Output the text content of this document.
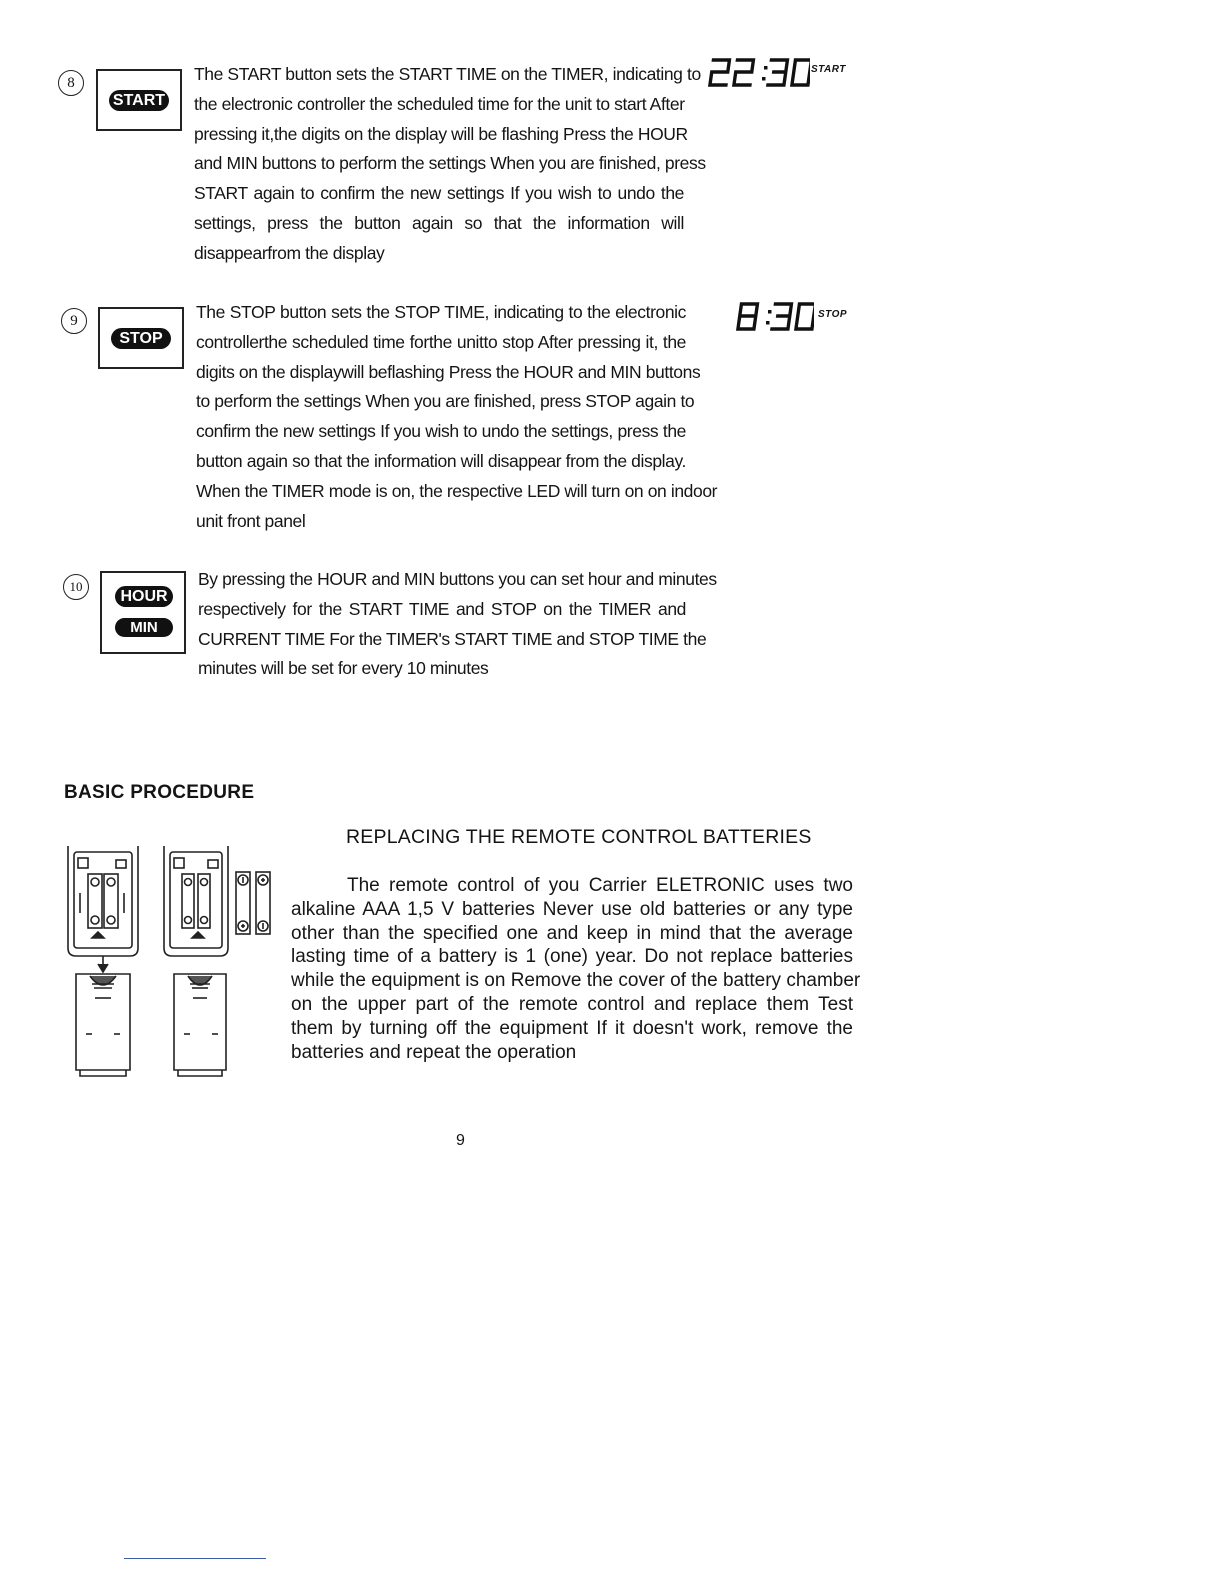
8
START
The START button sets the START TIME on the TIMER, indicating to
the electronic controller the scheduled time for the unit to start After
pressing it,the digits on the display will be flashing Press the HOUR
and MIN buttons to perform the settings When you are finished, press
START again to confirm the new settings If you wish to undo the
settings, press the button again so that the information will
disappearfrom the display
START
9
STOP
The STOP button sets the STOP TIME, indicating to the electronic
controllerthe scheduled time forthe unitto stop After pressing it, the
digits on the displaywill beflashing Press the HOUR and MIN buttons
to perform the settings When you are finished, press STOP again to
confirm the new settings If you wish to undo the settings, press the
button again so that the information will disappear from the display.
When the TIMER mode is on, the respective LED will turn on on indoor
unit front panel
STOP
10
HOUR
MIN
By pressing the HOUR and MIN buttons you can set hour and minutes
respectively for the START TIME and STOP on the TIMER and
CURRENT TIME For the TIMER's START TIME and STOP TIME the
minutes will be set for every 10 minutes
BASIC PROCEDURE
REPLACING THE REMOTE CONTROL BATTERIES
The remote control of you Carrier ELETRONIC uses two
alkaline AAA 1,5 V batteries Never use old batteries or any type
other than the specified one and keep in mind that the average
lasting time of a battery is 1 (one) year. Do not replace batteries
while the equipment is on Remove the cover of the battery chamber
on the upper part of the remote control and replace them Test
them by turning off the equipment If it doesn't work, remove the
batteries and repeat the operation
9
